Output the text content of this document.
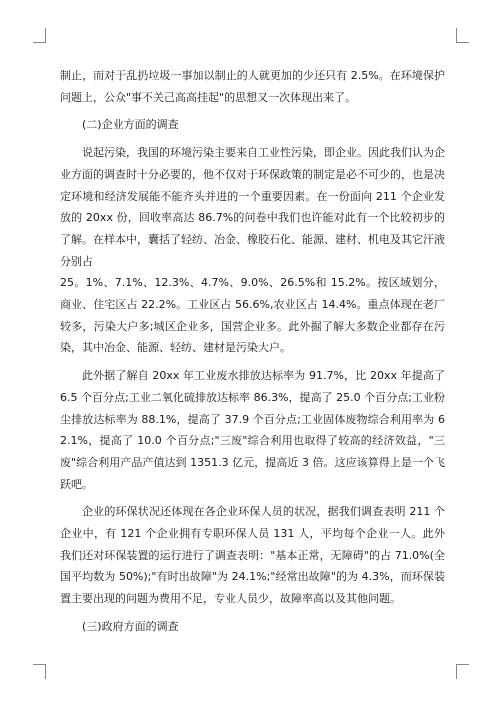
制止，而对于乱扔垃圾一事加以制止的人就更加的少还只有 2.5%。在环境保护问题上，公众"事不关己高高挂起"的思想又一次体现出来了。

(二)企业方面的调查

说起污染，我国的环境污染主要来自工业性污染，即企业。因此我们认为企业方面的调查时十分必要的，他不仅对于环保政策的制定是必不可少的，也是决定环境和经济发展能不能齐头并进的一个重要因素。在一份面向 211 个企业发放的 20xx 份，回收率高达 86.7%的问卷中我们也许能对此有一个比较初步的了解。在样本中，囊括了轻纺、冶金、橡胶石化、能源、建材、机电及其它汗液分别占

25。1%、7.1%、12.3%、4.7%、9.0%、26.5%和 15.2%。按区域划分，商业、住宅区占 22.2%。工业区占 56.6%,农业区占 14.4%。重点体现在老厂较多，污染大户多;城区企业多，国营企业多。此外掘了解大多数企业都存在污染，其中冶金、能源、轻纺、建材是污染大户。

此外据了解自 20xx 年工业废水排放达标率为 91.7%，比 20xx 年提高了 6.5 个百分点;工业二氧化硫排放达标率 86.3%，提高了 25.0 个百分点;工业粉尘排放达标率为 88.1%，提高了 37.9 个百分点;工业固体废物综合利用率为 62.1%，提高了 10.0 个百分点;"三废"综合利用也取得了较高的经济效益，"三废"综合利用产品产值达到 1351.3 亿元，提高近 3 倍。这应该算得上是一个飞跃吧。

企业的环保状况还体现在各企业环保人员的状况，据我们调查表明 211 个企业中，有 121 个企业拥有专职环保人员 131 人，平均每个企业一人。此外我们还对环保装置的运行进行了调查表明："基本正常，无障碍"的占 71.0%(全国平均数为 50%);"有时出故障"为 24.1%;"经常出故障"的为 4.3%，而环保装置主要出现的问题为费用不足，专业人员少，故障率高以及其他问题。

(三)政府方面的调查
